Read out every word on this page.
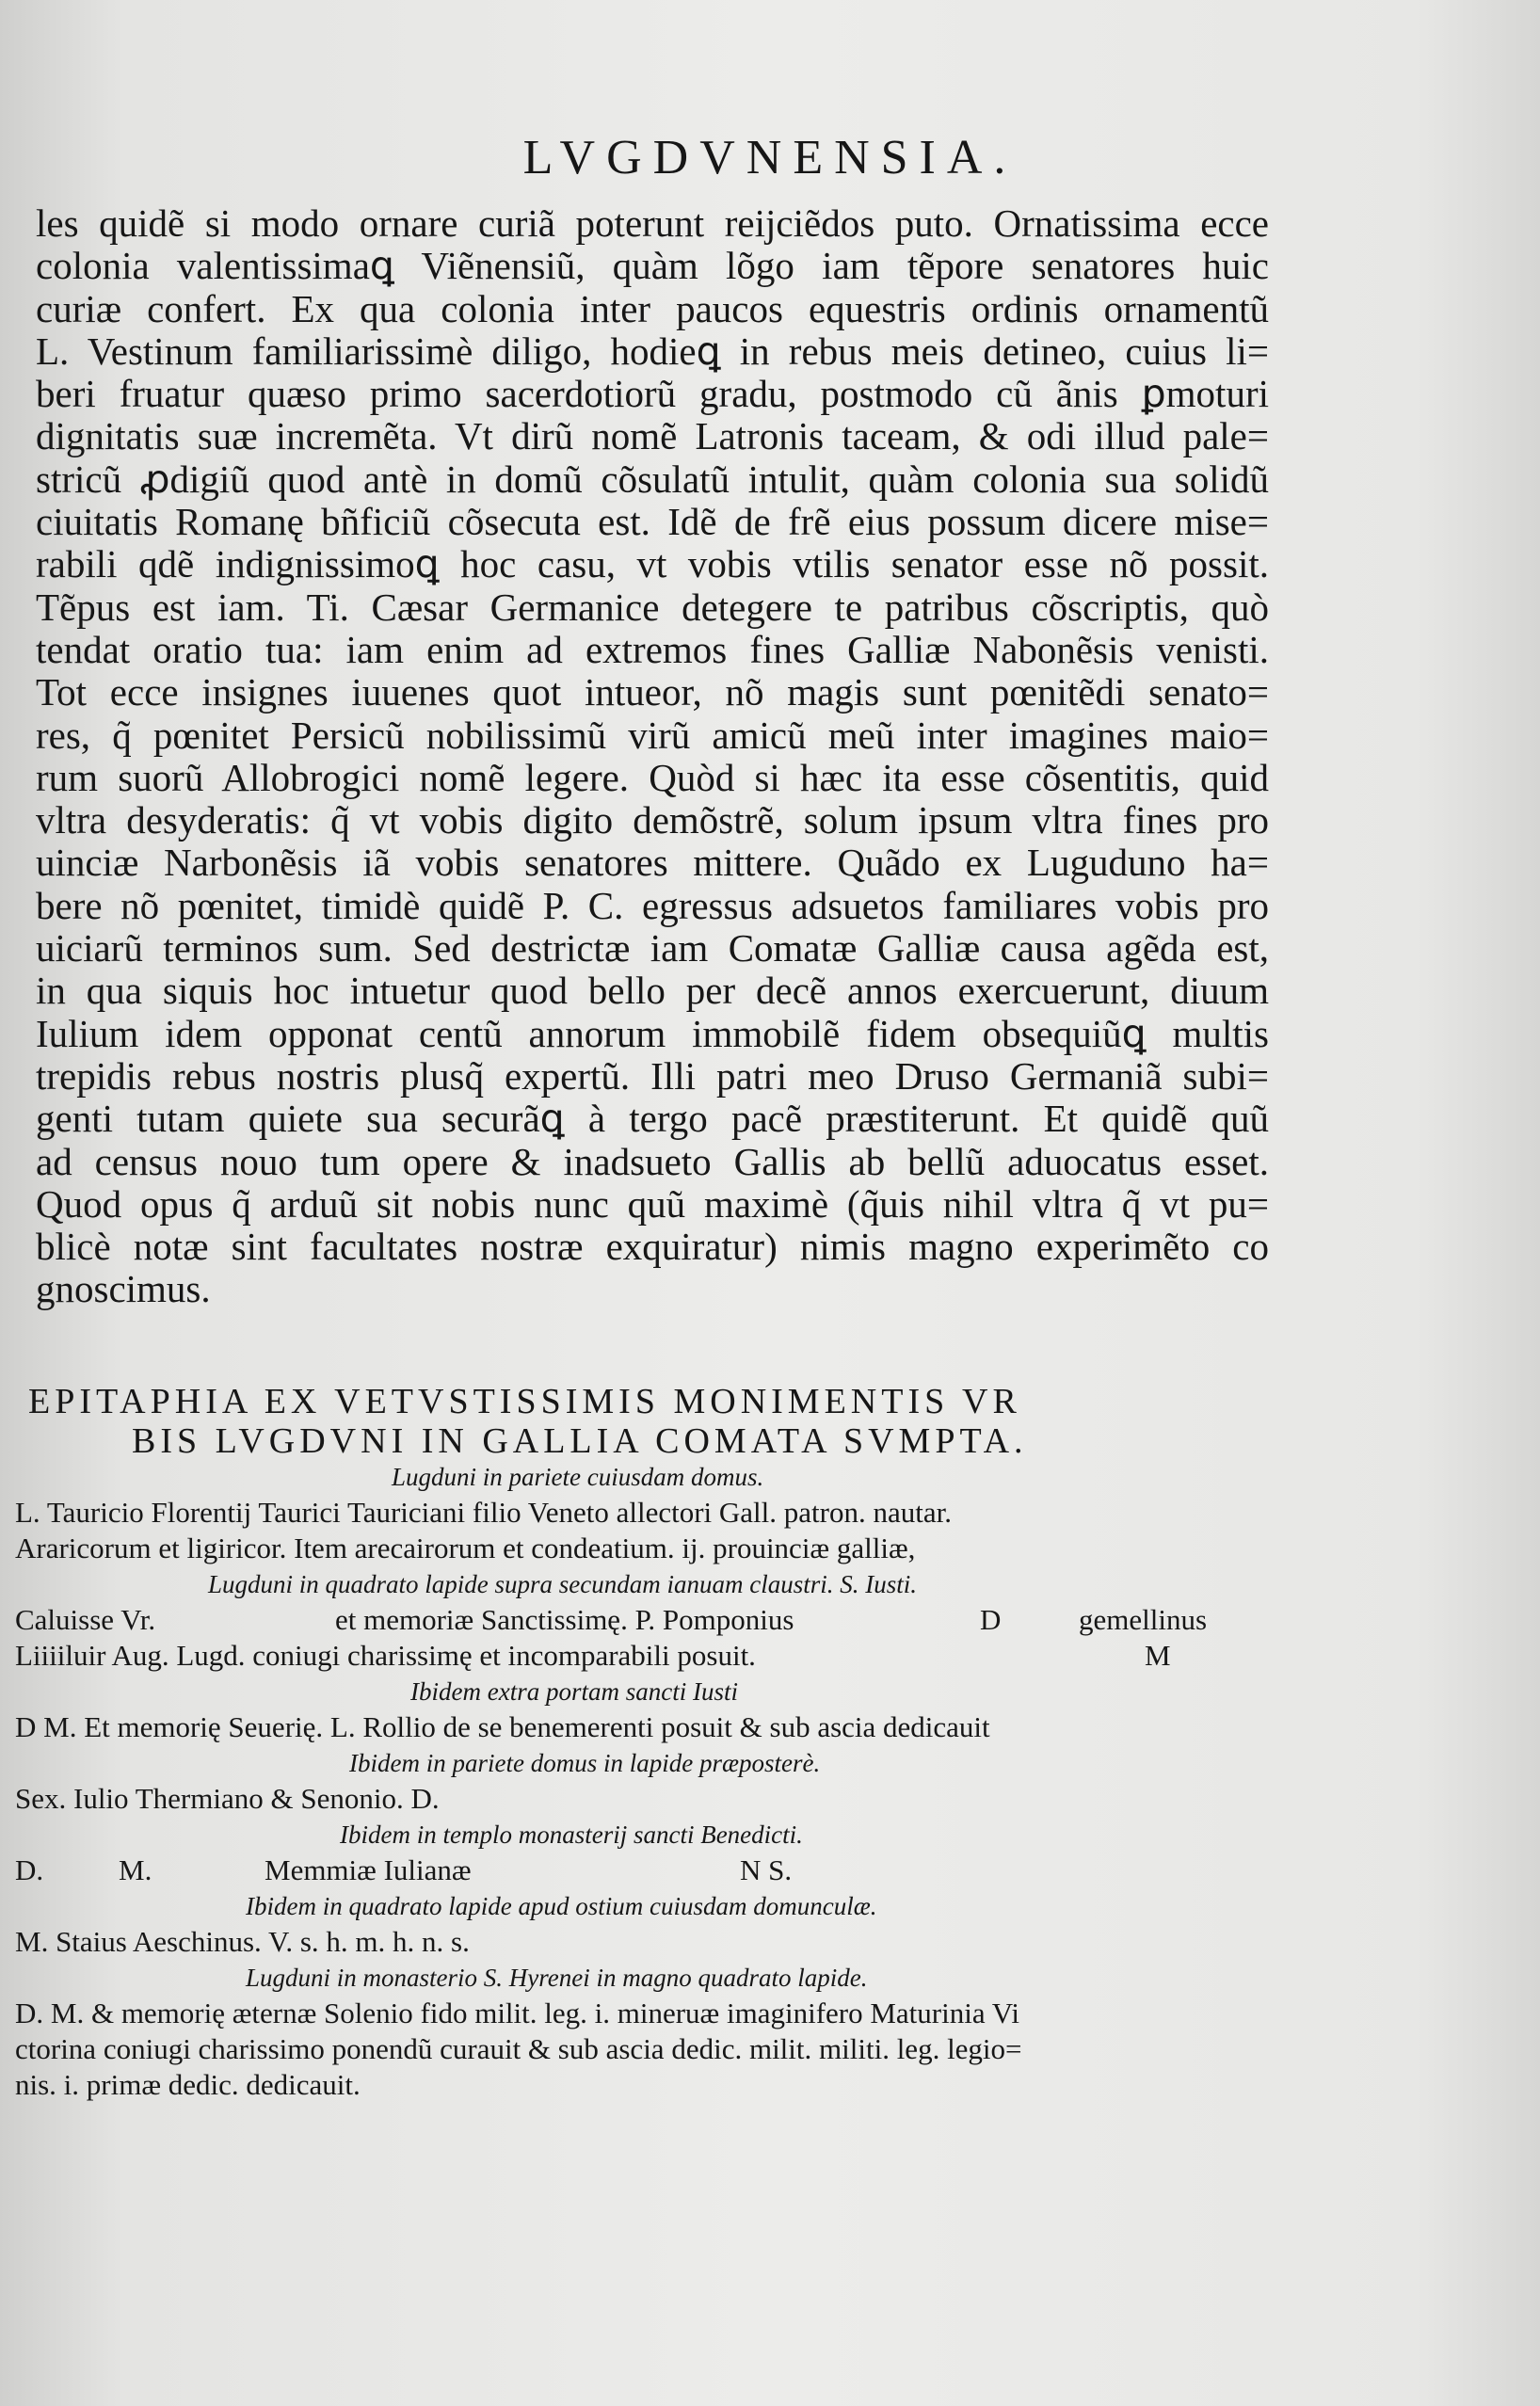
LVGDVNENSIA.
les quidẽ si modo ornare curiã poterunt reijciẽdos puto. Ornatissima ecce
colonia valentissimaꝗ Viẽnensiũ, quàm lõgo iam tẽpore senatores huic
curiæ confert. Ex qua colonia inter paucos equestris ordinis ornamentũ
L. Vestinum familiarissimè diligo, hodieꝗ in rebus meis detineo, cuius li=
beri fruatur quæso primo sacerdotiorũ gradu, postmodo cũ ãnis ꝑmoturi
dignitatis suæ incremẽta. Vt dirũ nomẽ Latronis taceam, & odi illud pale=
stricũ ꝓdigiũ quod antè in domũ cõsulatũ intulit, quàm colonia sua solidũ
ciuitatis Romanę bñficiũ cõsecuta est. Idẽ de frẽ eius possum dicere mise=
rabili qdẽ indignissimoꝗ hoc casu, vt vobis vtilis senator esse nõ possit.
Tẽpus est iam. Ti. Cæsar Germanice detegere te patribus cõscriptis, quò
tendat oratio tua: iam enim ad extremos fines Galliæ Nabonẽsis venisti.
Tot ecce insignes iuuenes quot intueor, nõ magis sunt pœnitẽdi senato=
res, q̃ pœnitet Persicũ nobilissimũ virũ amicũ meũ inter imagines maio=
rum suorũ Allobrogici nomẽ legere. Quòd si hæc ita esse cõsentitis, quid
vltra desyderatis: q̃ vt vobis digito demõstrẽ, solum ipsum vltra fines pro
uinciæ Narbonẽsis iã vobis senatores mittere. Quãdo ex Luguduno ha=
bere nõ pœnitet, timidè quidẽ P. C. egressus adsuetos familiares vobis pro
uiciarũ terminos sum. Sed destrictæ iam Comatæ Galliæ causa agẽda est,
in qua siquis hoc intuetur quod bello per decẽ annos exercuerunt, diuum
Iulium idem opponat centũ annorum immobilẽ fidem obsequiũꝗ multis
trepidis rebus nostris plusq̃ expertũ. Illi patri meo Druso Germaniã subi=
genti tutam quiete sua securãꝗ à tergo pacẽ præstiterunt. Et quidẽ quũ
ad census nouo tum opere & inadsueto Gallis ab bellũ aduocatus esset.
Quod opus q̃ arduũ sit nobis nunc quũ maximè (q̃uis nihil vltra q̃ vt pu=
blicè notæ sint facultates nostræ exquiratur) nimis magno experimẽto co
gnoscimus.
EPITAPHIA EX VETVSTISSIMIS MONIMENTIS VR
BIS LVGDVNI IN GALLIA COMATA SVMPTA.
Lugduni in pariete cuiusdam domus.
L. Tauricio Florentij Taurici Tauriciani filio Veneto allectori Gall. patron. nautar.
Araricorum et ligiricor. Item arecairorum et condeatium. ij. prouinciæ galliæ,
Lugduni in quadrato lapide supra secundam ianuam claustri. S. Iusti.
Caluisse Vr.	et memoriæ Sanctissimę. P. Pomponius	D	gemellinus
Liiiiluir Aug. Lugd. coniugi charissimę et incomparabili posuit.	M
Ibidem extra portam sancti Iusti
D M. Et memorię Seuerię. L. Rollio de se benemerenti posuit & sub ascia dedicauit
Ibidem in pariete domus in lapide præposterè.
Sex. Iulio Thermiano & Senonio. D.
Ibidem in templo monasterij sancti Benedicti.
D.	M.	Memmiæ Iulianæ	N S.
Ibidem in quadrato lapide apud ostium cuiusdam domunculæ.
M. Staius Aeschinus. V. s. h. m. h. n. s.
Lugduni in monasterio S. Hyrenei in magno quadrato lapide.
D. M. & memorię æternæ Solenio fido milit. leg. i. mineruæ imaginifero Maturinia Vi
ctorina coniugi charissimo ponendũ curauit & sub ascia dedic. milit. militi. leg. legio=
nis. i. primæ dedic. dedicauit.
